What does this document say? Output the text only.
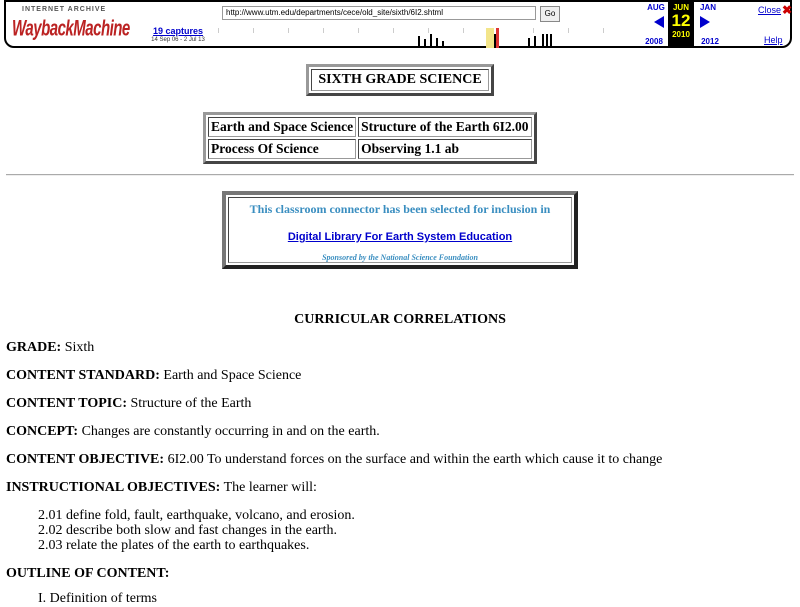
INTERNET ARCHIVE
WaybackMachine	19 captures
14 Sep 06 - 2 Jul 13
http://www.utm.edu/departments/cece/old_site/sixth/6I2.shtml	Go
AUG
2008
JUN
12
2010
JAN
2012
Close ✖
Help
SIXTH GRADE SCIENCE
Earth and Space Science	Structure of the Earth 6I2.00
Process Of Science	Observing 1.1 ab
This classroom connector has been selected for inclusion in
Digital Library For Earth System Education
Sponsored by the National Science Foundation
CURRICULAR CORRELATIONS
GRADE: Sixth
CONTENT STANDARD: Earth and Space Science
CONTENT TOPIC: Structure of the Earth
CONCEPT: Changes are constantly occurring in and on the earth.
CONTENT OBJECTIVE: 6I2.00 To understand forces on the surface and within the earth which cause it to change
INSTRUCTIONAL OBJECTIVES: The learner will:
2.01 define fold, fault, earthquake, volcano, and erosion.
2.02 describe both slow and fast changes in the earth.
2.03 relate the plates of the earth to earthquakes.
OUTLINE OF CONTENT:
I. Definition of terms
